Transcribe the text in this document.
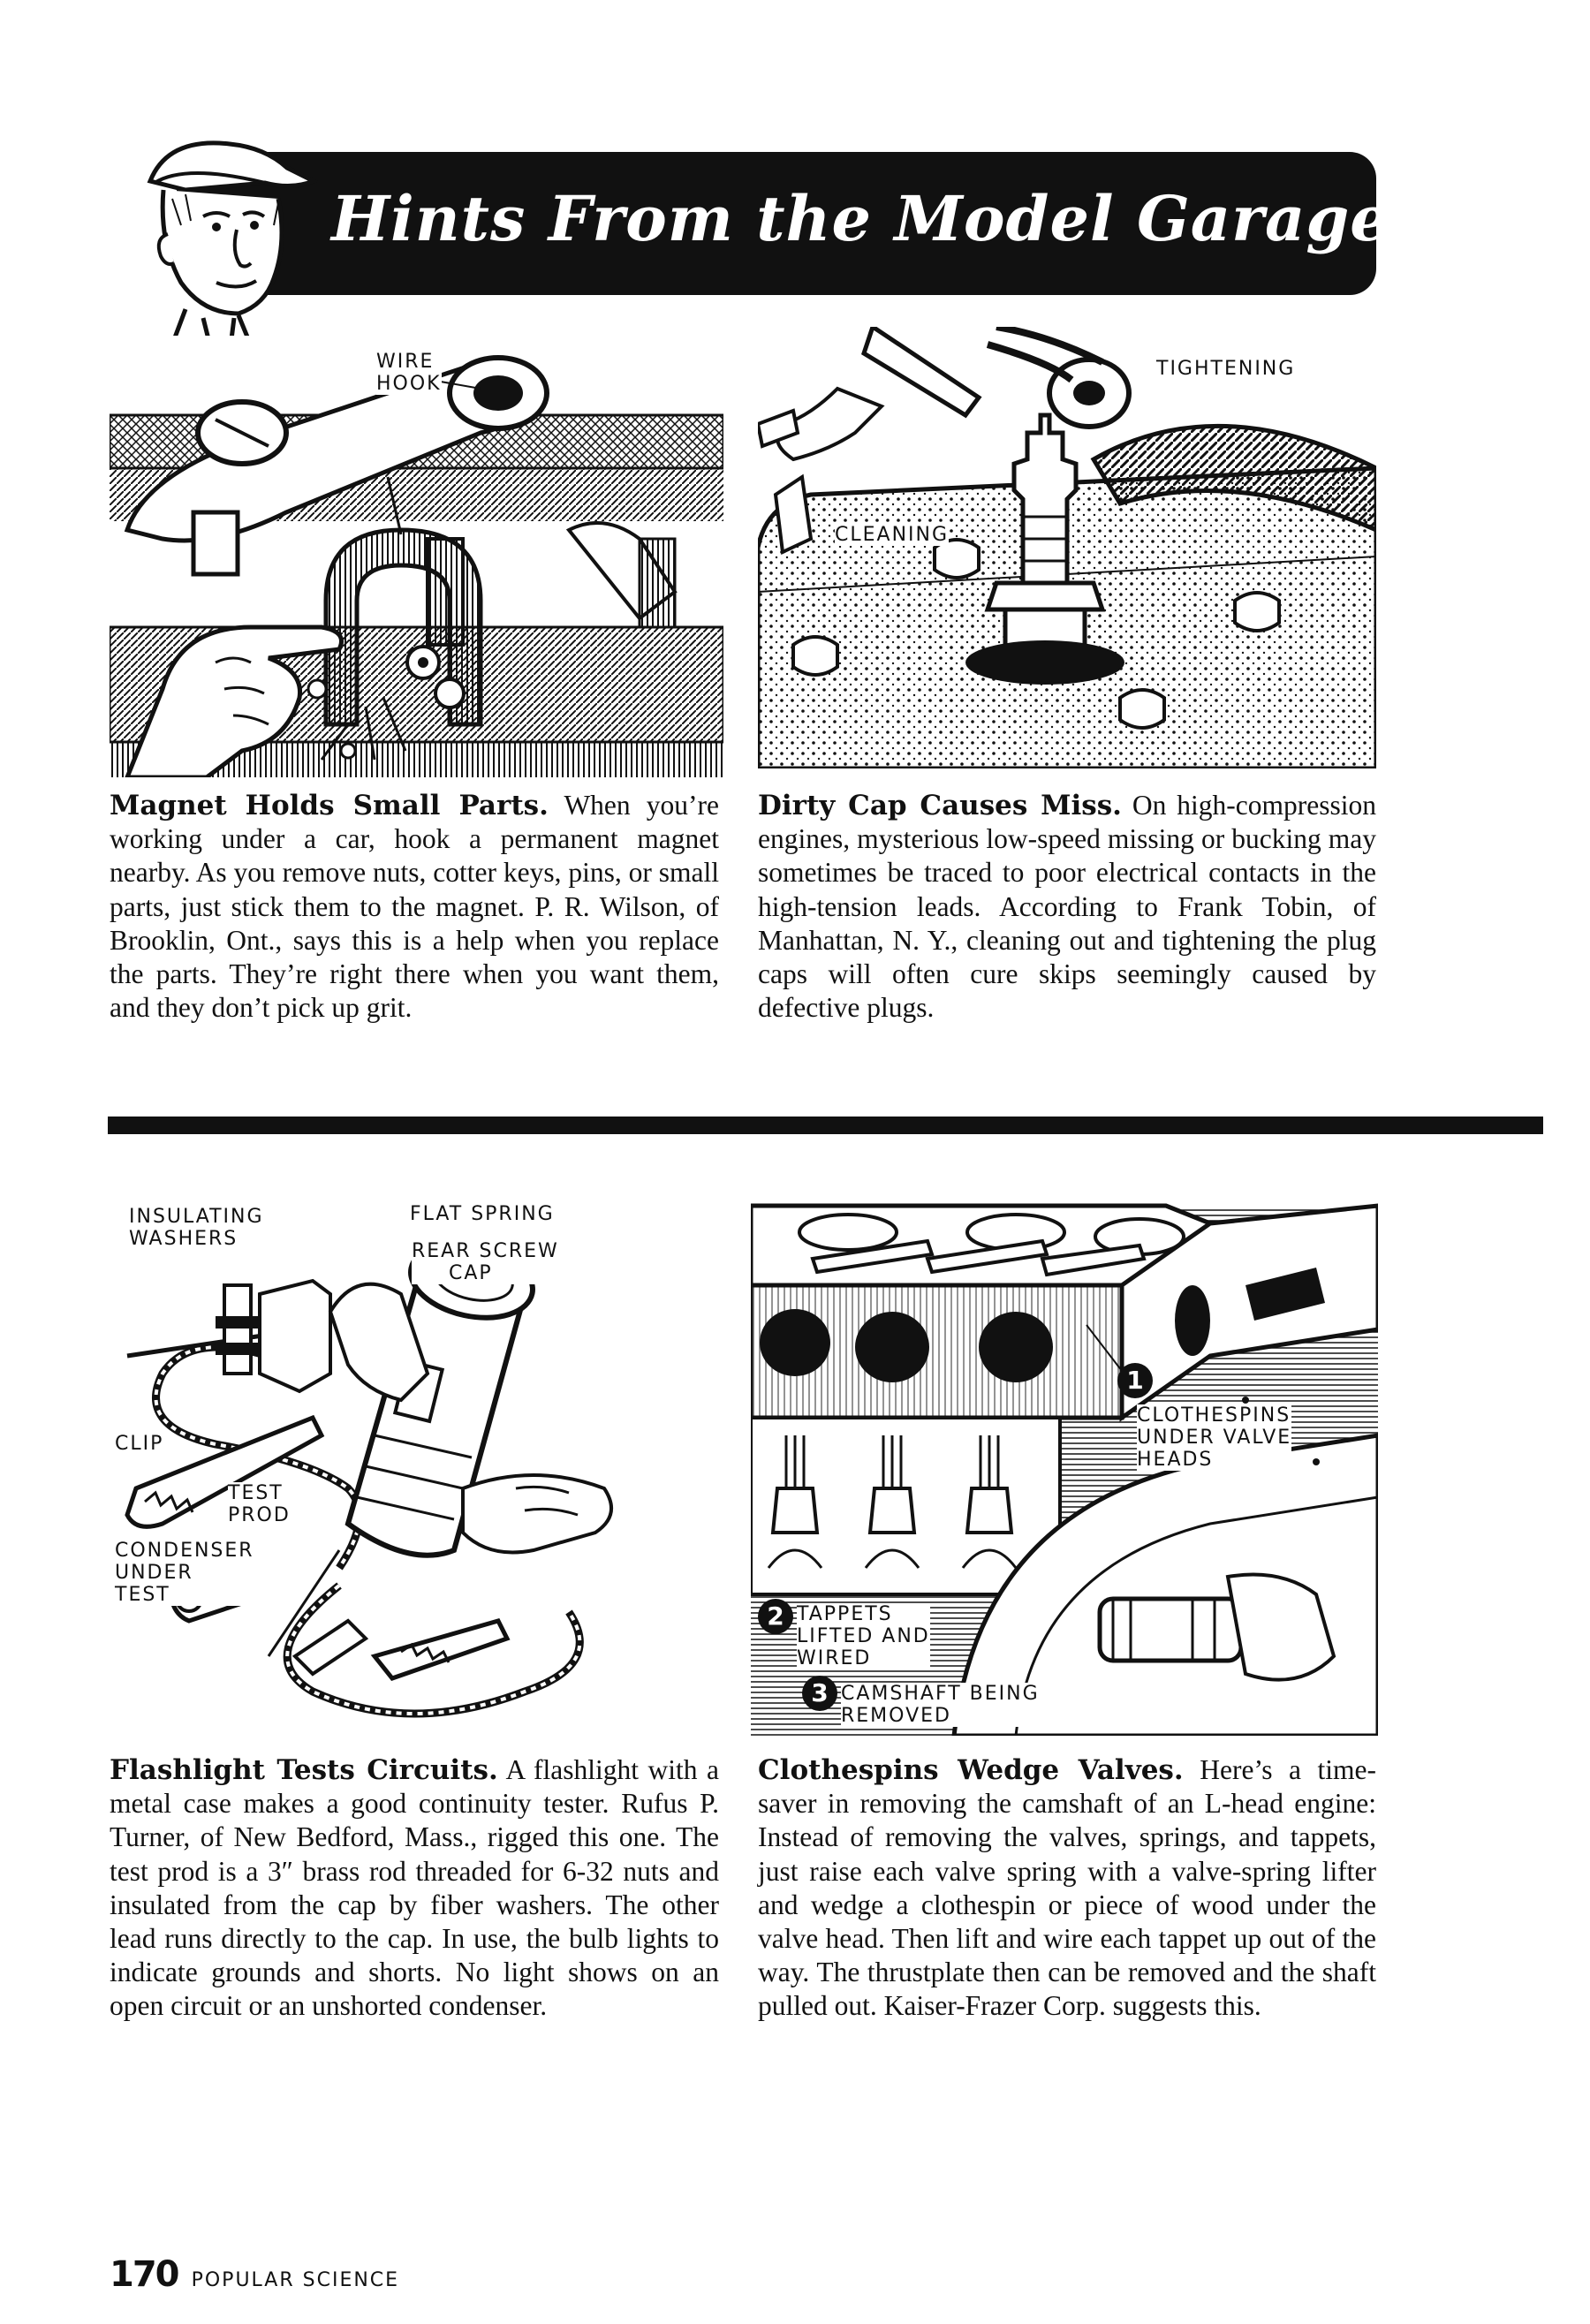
Hints From the Model Garage
WIRE
HOOK
TIGHTENING
CLEANING
Magnet Holds Small Parts. When you’re working under a car, hook a permanent magnet nearby. As you remove nuts, cotter keys, pins, or small parts, just stick them to the magnet. P. R. Wilson, of Brooklin, Ont., says this is a help when you replace the parts. They’re right there when you want them, and they don’t pick up grit.
Dirty Cap Causes Miss. On high-compression engines, mysterious low-speed missing or bucking may sometimes be traced to poor electrical contacts in the high-tension leads. According to Frank Tobin, of Manhattan, N. Y., cleaning out and tightening the plug caps will often cure skips seemingly caused by defective plugs.
INSULATING
WASHERS
FLAT SPRING
REAR SCREW
CAP
CLIP
TEST
PROD
CONDENSER
UNDER
TEST
1
CLOTHESPINS
UNDER VALVE
HEADS
2 TAPPETS
LIFTED AND
WIRED
3 CAMSHAFT BEING
REMOVED
Flashlight Tests Circuits. A flashlight with a metal case makes a good continuity tester. Rufus P. Turner, of New Bedford, Mass., rigged this one. The test prod is a 3″ brass rod threaded for 6-32 nuts and insulated from the cap by fiber washers. The other lead runs directly to the cap. In use, the bulb lights to indicate grounds and shorts. No light shows on an open circuit or an unshorted condenser.
Clothespins Wedge Valves. Here’s a time-saver in removing the camshaft of an L-head engine: Instead of removing the valves, springs, and tappets, just raise each valve spring with a valve-spring lifter and wedge a clothespin or piece of wood under the valve head. Then lift and wire each tappet up out of the way. The thrustplate then can be removed and the shaft pulled out. Kaiser-Frazer Corp. suggests this.
170 POPULAR SCIENCE
